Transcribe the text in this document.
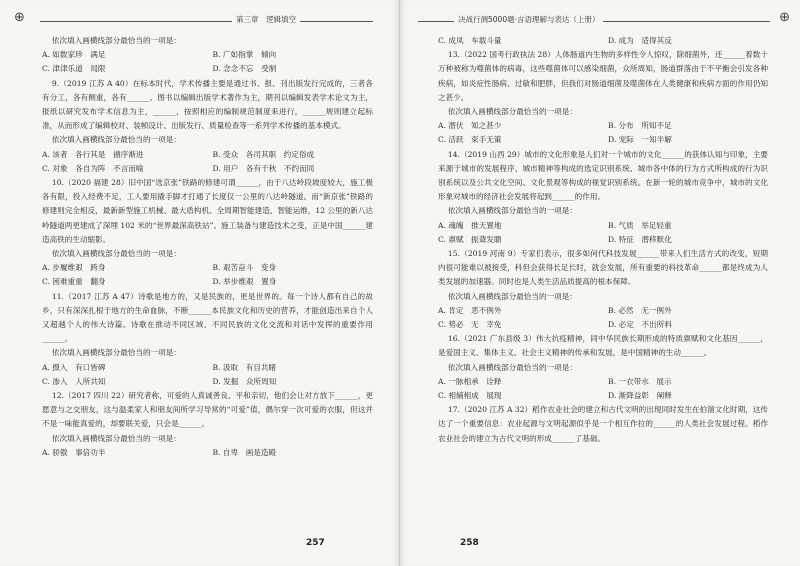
第三章　逻辑填空
⊕

依次填入画横线部分最恰当的一项是：

A. 如数家珍　满足	B. 广如指掌　倾向
C. 津津乐道　局限	D. 念念不忘　受制

9.（2019 江苏 A 40）在标本时代，学术传播主要是通过书、报、刊出版发行完成的，三者各有分工，各有侧重，各有______。图书以编辑出版学术著作为主，期刊以编辑发表学术论文为主，报纸以研究发布学术信息为主，______，按照相应的编制规范制度来进行，______规则建立起标准，从而形成了编辑校对、装帧设计、出版发行、质量检查等一系列学术传播的基本模式。

依次填入画横线部分最恰当的一项是：

A. 该者　各行其是　循序渐进	B. 受众　各司其职　约定俗成
C. 对象　各自为阵　不言而喻	D. 用户　各有千秋　不约而同

10.（2020 福建 28）旧中国“选京张”铁路的修建可谓______，由于八达岭段坡度较大，施工极各有限，投入经费不足，工人要用撬手脚才打通了长度仅一公里的八达岭隧道。而“新京张”铁路的修建则完全相反，最新新型施工机械、最大盾构机、全周期智能建造、智能运维，12 公里的新八达岭隧道两更建成了深埋 102 米的“世界最深高铁站”。施工装备与建造技术之变，正是中国______建造高铁的生动缩影。

依次填入画横线部分最恰当的一项是：

A. 步履维艰　跨身	B. 艰苦奋斗　变身
C. 困难重重　翻身	D. 举步维艰　置身

11.（2017 江苏 A 47）诗歌是地方的，又是民族的，更是世界的。每一个诗人都有自己的故乡，只有深深扎根于地方的生命血脉，不断______本民族文化和历史的营养，才能创造出来自个人又超越个人的伟大诗篇。诗歌在推动不同区域、不同民族的文化交流和对话中发挥的重要作用______。

依次填入画横线部分最恰当的一项是：

A. 摄入　有口皆碑	B. 汲取　有目共睹
C. 渗入　人所共知	D. 发掘　众所周知

12.（2017 四川 22）研究者称，可爱的人真诚善良、平和亲切，他们会让对方放下______，更愿意与之交朋友，这与温柔家人和朋友间所学习导常的“可爱”值，偶尔穿一次可爱的衣服，但这并不是一味能真爱的，却要联关爱，只会是______。

依次填入画横线部分最恰当的一项是：

A. 骄傲　事倍功半	B. 自卑　画是造殿
257
决战行测5000题·言语理解与表达（上册）	⊕
C. 成凤　车载斗量	D. 成为　适得其反

13.（2022 国考行政执法 28）人体肠道内生物的多样性令人惊叹，除细菌外，还______着数十万种被称为噬菌体的病毒，这些噬菌体可以感染细菌，众所周知，肠道群落由于不平衡会引发各种疾病，如炎症性肠病、过敏和肥胖，但我们对肠道细菌及噬菌体在人类健康和疾病方面的作用仍知之甚少。

依次填入画横线部分最恰当的一项是：

A. 潜伏　知之甚少	B. 分布　所知不足
C. 活跃　束手无策	D. 宠际　一知半解

14.（2019 山西 29）城市的文化形象是人们对一个城市的文化______的获体认知与印象，主要来源于城市的发展程序、城市精神等构成的选定识别系统、城市各中体的行为方式所构成的行为识别系统以及公共文化空间、文化景观等构成的视觉识别系统。在新一轮的城市竞争中，城市的文化形象对城市的经济社会发展将起到______的作用。

依次填入画横线部分最恰当的一项是：

A. 魂魄　推天置地	B. 气质　举足轻重
C. 禀赋　振聋发聩	D. 特征　潜移默化

15.（2019 河南 9）专家们表示，很多如何代科技发展______带来人们生活方式的改变，短期内很可能难以被接受，科但会获得长足长时，就会发展，所有重要的科技革命______都是终成为人类发展的加速器。同时也是人类生活品质提高的根本保障。

依次填入画横线部分最恰当的一项是：

A. 肯定　恶不例外	B. 必然　无一例外
C. 势必　无　幸免	D. 必定　不出所料

16.（2021 广东县级 3）伟大抗疫精神，同中华民族长期形成的特质禀赋和文化基因______，是爱国主义、集体主义、社会主义精神的传承和发展，是中国精神的生动______。

依次填入画横线部分最恰当的一项是：

A. 一脉相承　诠释	B. 一衣带水　展示
C. 相辅相成　展现	D. 渐降益彰　阐释

17.（2020 江苏 A 32）稻作农业社会的建立和古代文明的出现同时发生在伯溜文化时期，这传达了一个重要信息：农业起源与文明起源似乎是一个相互作拉的______的人类社会发展过程。稻作农业社会的建立为古代文明的形成______了基础。

258
